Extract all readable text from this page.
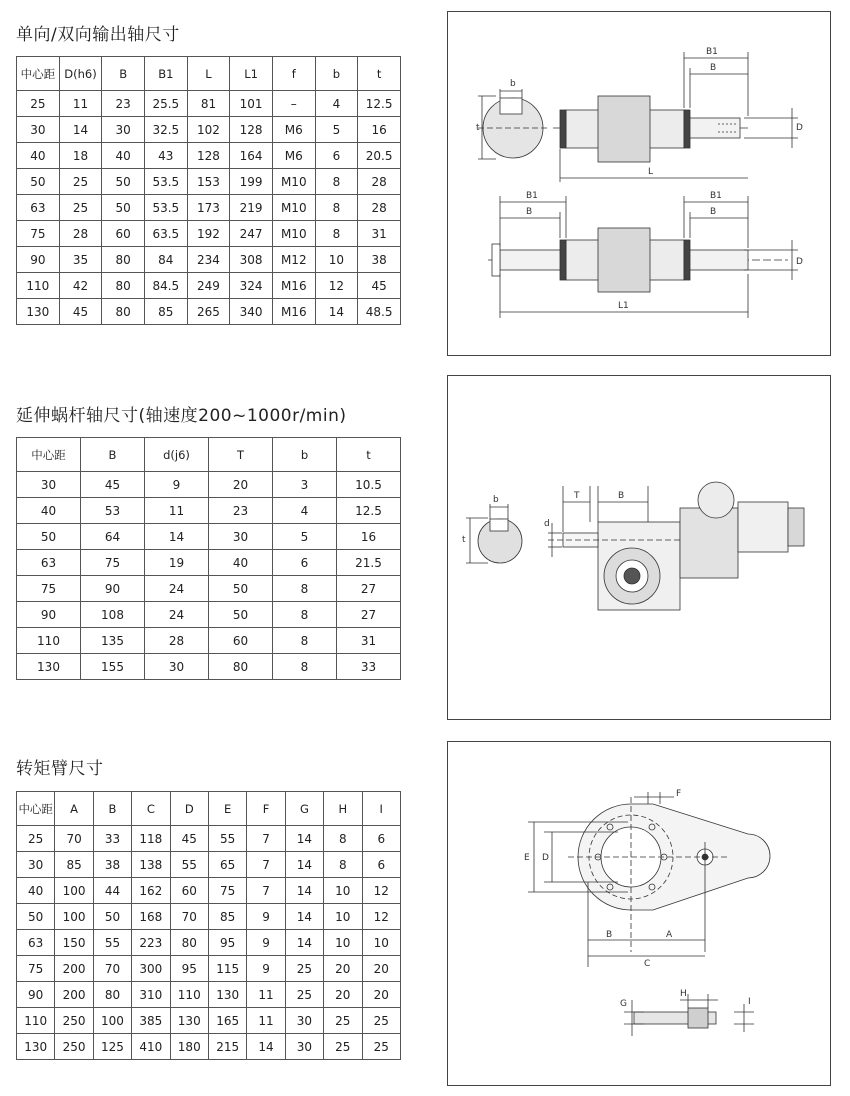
单向/双向输出轴尺寸
中心距	D(h6)	B	B1	L	L1	f	b	t
25	11	23	25.5	81	101	–	4	12.5
30	14	30	32.5	102	128	M6	5	16
40	18	40	43	128	164	M6	6	20.5
50	25	50	53.5	153	199	M10	8	28
63	25	50	53.5	173	219	M10	8	28
75	28	60	63.5	192	247	M10	8	31
90	35	80	84	234	308	M12	10	38
110	42	80	84.5	249	324	M16	12	45
130	45	80	85	265	340	M16	14	48.5
b
t
B1
B
L
D
B1
B
B1
B
D
L1
延伸蜗杆轴尺寸(轴速度200~1000r/min)
中心距	B	d(j6)	T	b	t
30	45	9	20	3	10.5
40	53	11	23	4	12.5
50	64	14	30	5	16
63	75	19	40	6	21.5
75	90	24	50	8	27
90	108	24	50	8	27
110	135	28	60	8	31
130	155	30	80	8	33
b
t
T	B
d
转矩臂尺寸
中心距	A	B	C	D	E	F	G	H	I
25	70	33	118	45	55	7	14	8	6
30	85	38	138	55	65	7	14	8	6
40	100	44	162	60	75	7	14	10	12
50	100	50	168	70	85	9	14	10	12
63	150	55	223	80	95	9	14	10	10
75	200	70	300	95	115	9	25	20	20
90	200	80	310	110	130	11	25	20	20
110	250	100	385	130	165	11	30	25	25
130	250	125	410	180	215	14	30	25	25
F
E D
B	A
C
G
H
I
